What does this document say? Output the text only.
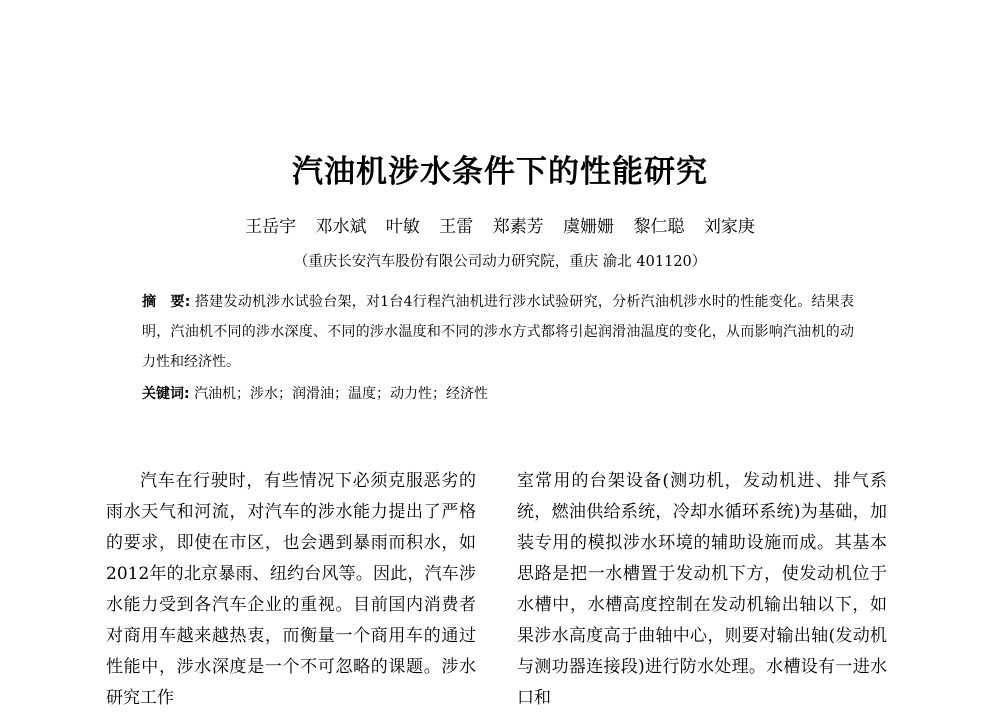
汽油机涉水条件下的性能研究
王岳宇 邓水斌 叶敏 王雷 郑素芳 虞姗姗 黎仁聪 刘家庚
（重庆长安汽车股份有限公司动力研究院，重庆 渝北 401120）
摘　要: 搭建发动机涉水试验台架，对1台4行程汽油机进行涉水试验研究，分析汽油机涉水时的性能变化。结果表明，汽油机不同的涉水深度、不同的涉水温度和不同的涉水方式都将引起润滑油温度的变化，从而影响汽油机的动力性和经济性。
关键词: 汽油机；涉水；润滑油；温度；动力性；经济性

汽车在行驶时，有些情况下必须克服恶劣的雨水天气和河流，对汽车的涉水能力提出了严格的要求，即使在市区，也会遇到暴雨而积水，如2012年的北京暴雨、纽约台风等。因此，汽车涉水能力受到各汽车企业的重视。目前国内消费者对商用车越来越热衷，而衡量一个商用车的通过性能中，涉水深度是一个不可忽略的课题。涉水研究工作

室常用的台架设备(测功机，发动机进、排气系统，燃油供给系统，冷却水循环系统)为基础，加装专用的模拟涉水环境的辅助设施而成。其基本思路是把一水槽置于发动机下方，使发动机位于水槽中，水槽高度控制在发动机输出轴以下，如果涉水高度高于曲轴中心，则要对输出轴(发动机与测功器连接段)进行防水处理。水槽设有一进水口和
